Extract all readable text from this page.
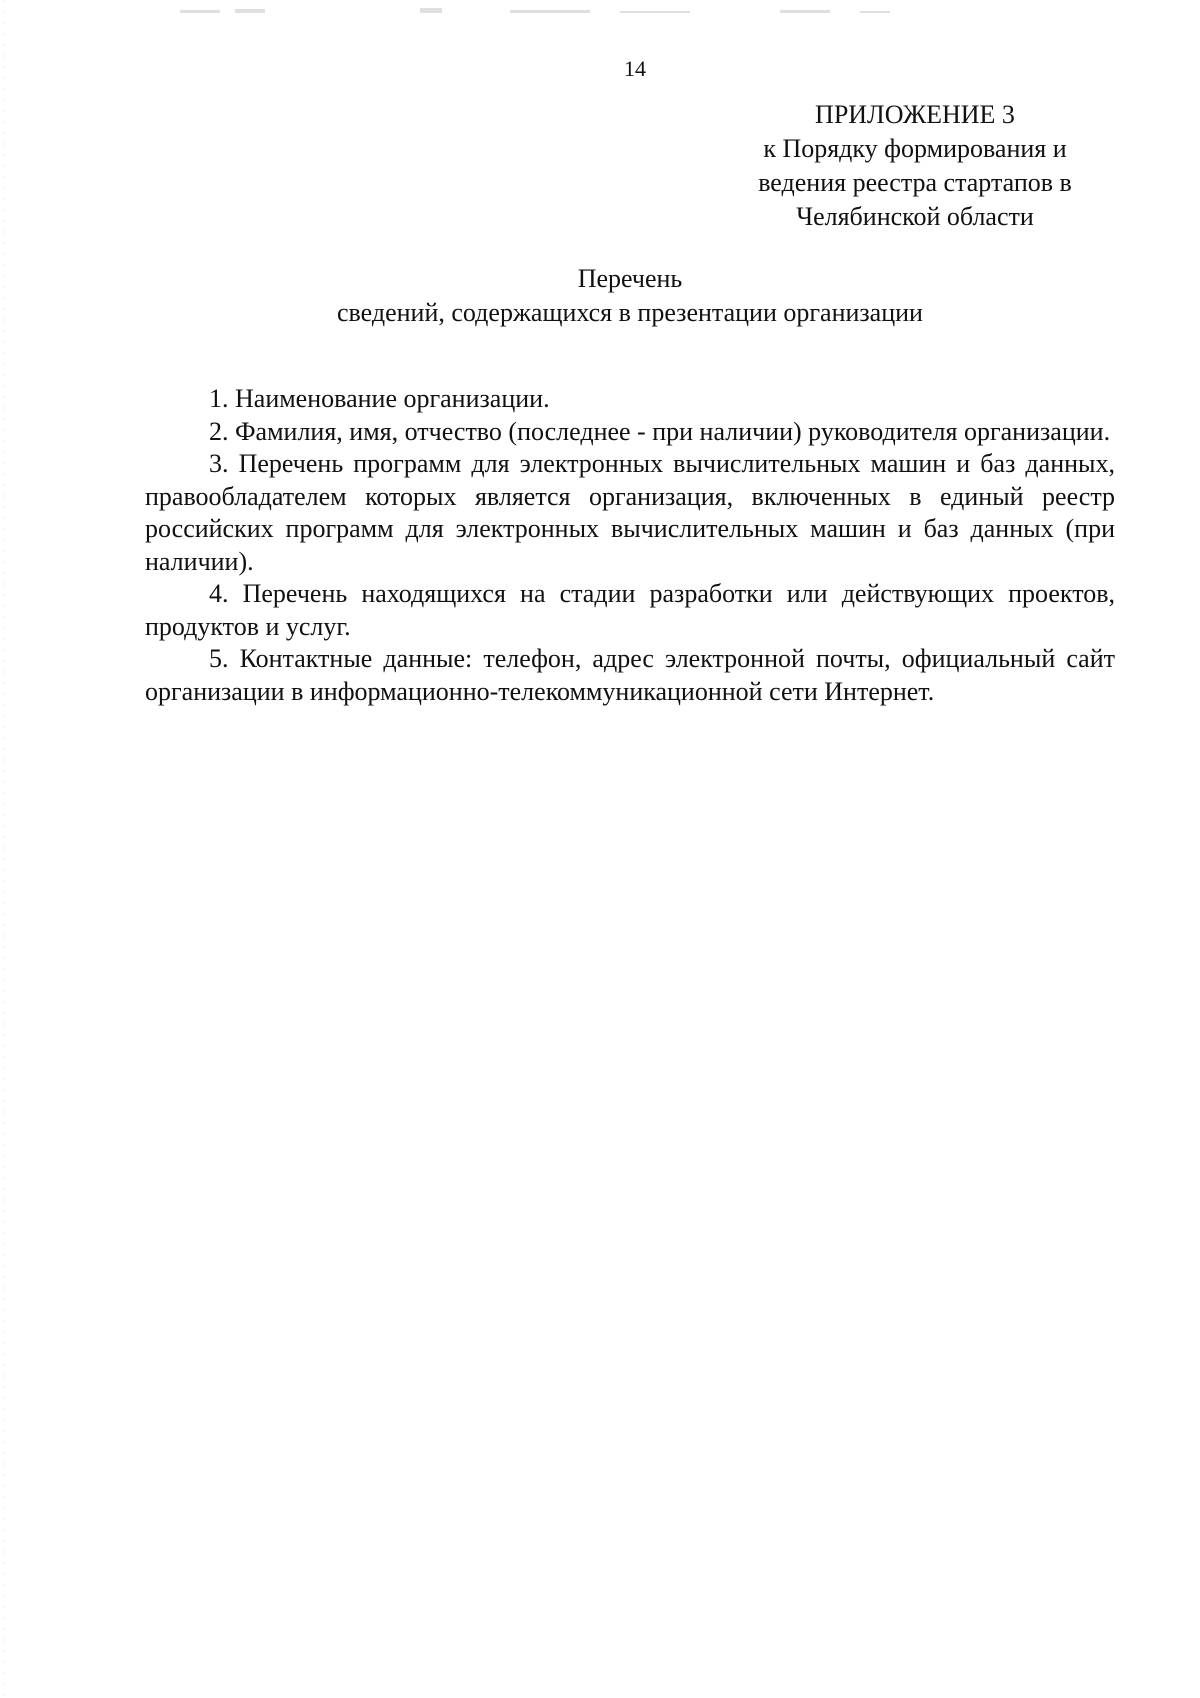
14
ПРИЛОЖЕНИЕ 3
к Порядку формирования и
ведения реестра стартапов в
Челябинской области
Перечень
сведений, содержащихся в презентации организации

1. Наименование организации.

2. Фамилия, имя, отчество (последнее - при наличии) руководителя организации.

3. Перечень программ для электронных вычислительных машин и баз данных, правообладателем которых является организация, включенных в единый реестр российских программ для электронных вычислительных машин и баз данных (при наличии).

4. Перечень находящихся на стадии разработки или действующих проектов, продуктов и услуг.

5. Контактные данные: телефон, адрес электронной почты, официальный сайт организации в информационно-телекоммуникационной сети Интернет.
